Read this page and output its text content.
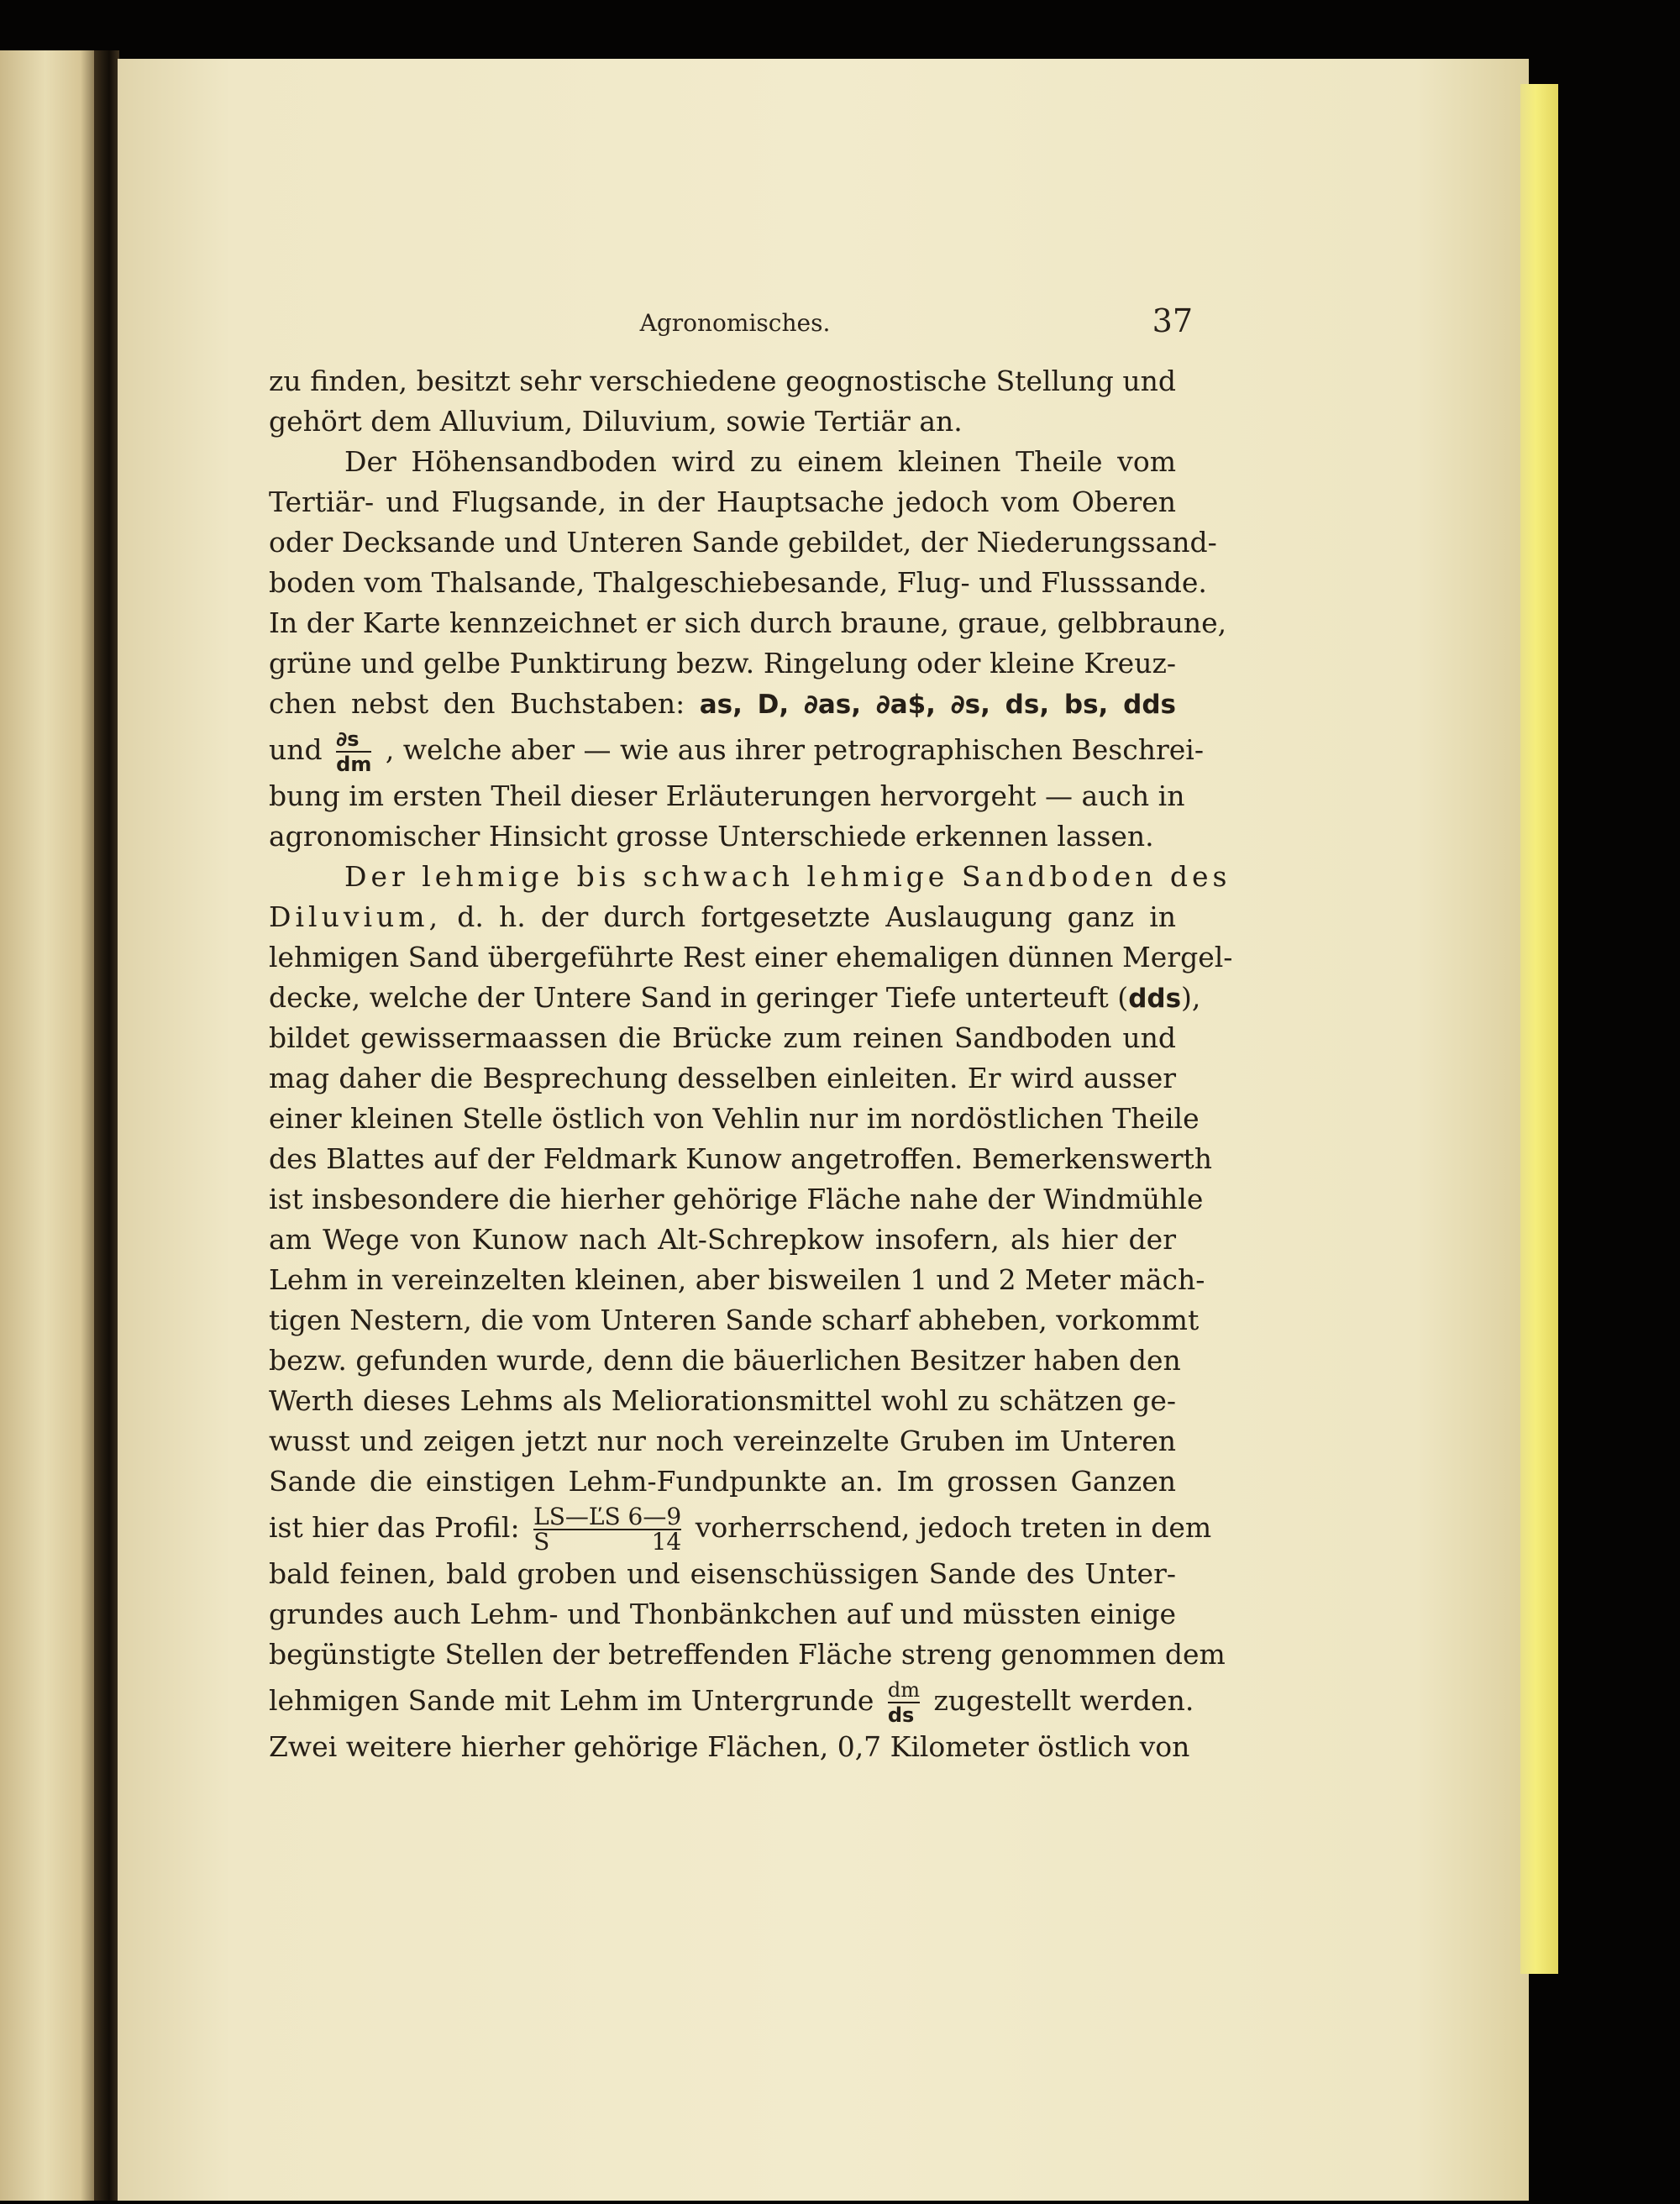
Agronomisches.	37
zu finden, besitzt sehr verschiedene geognostische Stellung und
gehört dem Alluvium, Diluvium, sowie Tertiär an.
Der Höhensandboden wird zu einem kleinen Theile vom
Tertiär- und Flugsande, in der Hauptsache jedoch vom Oberen
oder Decksande und Unteren Sande gebildet, der Niederungssand-
boden vom Thalsande, Thalgeschiebesande, Flug- und Flusssande.
In der Karte kennzeichnet er sich durch braune, graue, gelbbraune,
grüne und gelbe Punktirung bezw. Ringelung oder kleine Kreuz-
chen nebst den Buchstaben: as, D, ∂as, ∂a$, ∂s, ds, bs, dds
und $\frac{\partial s}{dm}$ , welche aber — wie aus ihrer petrographischen Beschrei-
bung im ersten Theil dieser Erläuterungen hervorgeht — auch in
agronomischer Hinsicht grosse Unterschiede erkennen lassen.
Der lehmige bis schwach lehmige Sandboden des
Diluvium, d. h. der durch fortgesetzte Auslaugung ganz in
lehmigen Sand übergeführte Rest einer ehemaligen dünnen Mergel-
decke, welche der Untere Sand in geringer Tiefe unterteuft (dds),
bildet gewissermaassen die Brücke zum reinen Sandboden und
mag daher die Besprechung desselben einleiten. Er wird ausser
einer kleinen Stelle östlich von Vehlin nur im nordöstlichen Theile
des Blattes auf der Feldmark Kunow angetroffen. Bemerkenswerth
ist insbesondere die hierher gehörige Fläche nahe der Windmühle
am Wege von Kunow nach Alt-Schrepkow insofern, als hier der
Lehm in vereinzelten kleinen, aber bisweilen 1 und 2 Meter mäch-
tigen Nestern, die vom Unteren Sande scharf abheben, vorkommt
bezw. gefunden wurde, denn die bäuerlichen Besitzer haben den
Werth dieses Lehms als Meliorationsmittel wohl zu schätzen ge-
wusst und zeigen jetzt nur noch vereinzelte Gruben im Unteren
Sande die einstigen Lehm-Fundpunkte an. Im grossen Ganzen
ist hier das Profil: $\frac{LS—ĽS 6—9}{S 14}$ vorherrschend, jedoch treten in dem
bald feinen, bald groben und eisenschüssigen Sande des Unter-
grundes auch Lehm- und Thonbänkchen auf und müssten einige
begünstigte Stellen der betreffenden Fläche streng genommen dem
lehmigen Sande mit Lehm im Untergrunde $\frac{dm}{ds}$ zugestellt werden.
Zwei weitere hierher gehörige Flächen, 0,7 Kilometer östlich von
